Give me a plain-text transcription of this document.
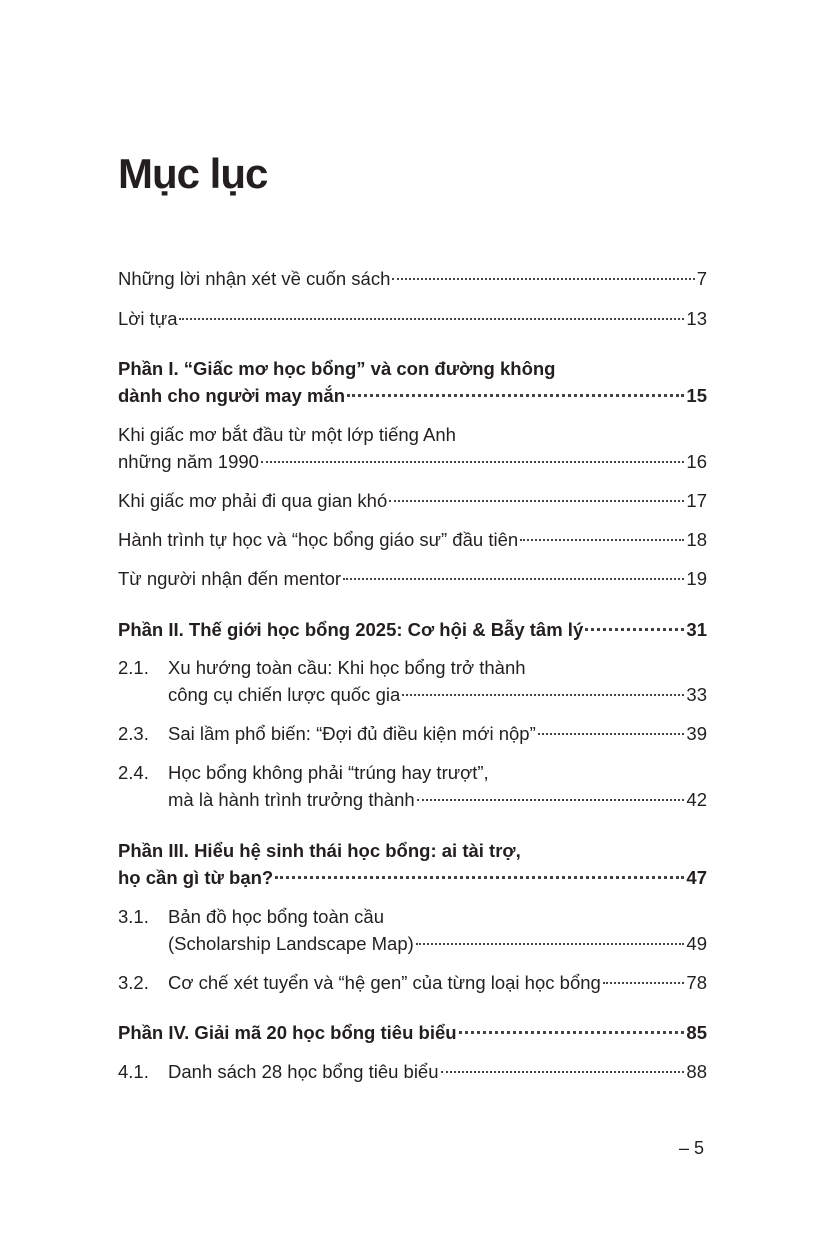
Mục lục
Những lời nhận xét về cuốn sách	7
Lời tựa	13
Phần I. “Giấc mơ học bổng” và con đường không
dành cho người may mắn	15
Khi giấc mơ bắt đầu từ một lớp tiếng Anh
những năm 1990	16
Khi giấc mơ phải đi qua gian khó	17
Hành trình tự học và “học bổng giáo sư” đầu tiên	18
Từ người nhận đến mentor	19
Phần II. Thế giới học bổng 2025: Cơ hội & Bẫy tâm lý	31
2.1.	Xu hướng toàn cầu: Khi học bổng trở thành
công cụ chiến lược quốc gia	33
2.3.	Sai lầm phổ biến: “Đợi đủ điều kiện mới nộp”	39
2.4.	Học bổng không phải “trúng hay trượt”,
mà là hành trình trưởng thành	42
Phần III. Hiểu hệ sinh thái học bổng: ai tài trợ,
họ cần gì từ bạn?	47
3.1.	Bản đồ học bổng toàn cầu
(Scholarship Landscape Map)	49
3.2.	Cơ chế xét tuyển và “hệ gen” của từng loại học bổng	78
Phần IV. Giải mã 20 học bổng tiêu biểu	85
4.1.	Danh sách 28 học bổng tiêu biểu	88
– 5
